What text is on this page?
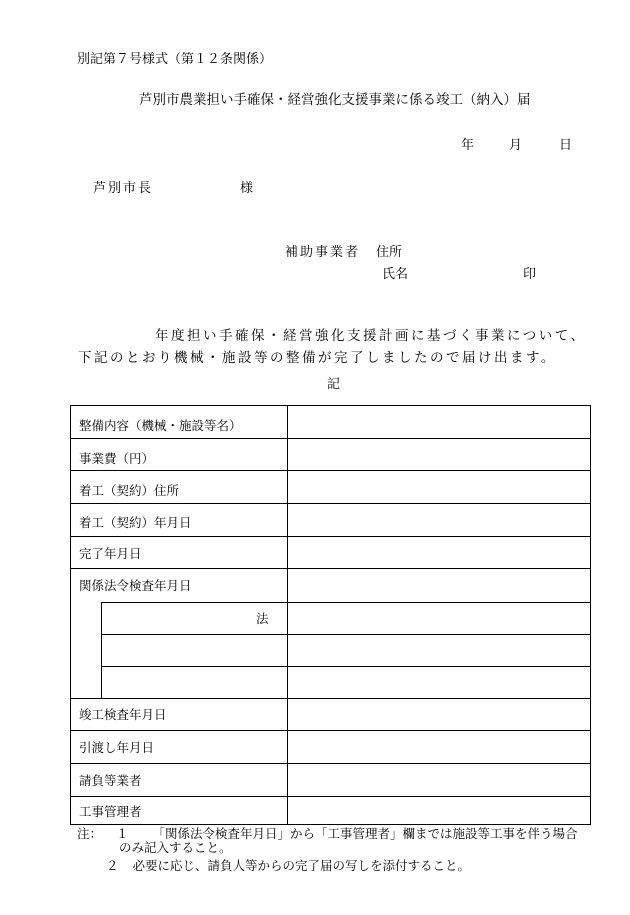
別記第７号様式（第１２条関係）
芦別市農業担い手確保・経営強化支援事業に係る竣工（納入）届
年	月	日
芦別市長	様
補助事業者 住所
氏名	印
年度担い手確保・経営強化支援計画に基づく事業について、
下記のとおり機械・施設等の整備が完了しましたので届け出ます。
記
整備内容（機械・施設等名）
事業費（円）
着工（契約）住所
着工（契約）年月日
完了年月日
関係法令検査年月日
法
竣工検査年月日
引渡し年月日
請負等業者
工事管理者
注： １ 「関係法令検査年月日」から「工事管理者」欄までは施設等工事を伴う場合
のみ記入すること。
２ 必要に応じ、請負人等からの完了届の写しを添付すること。
